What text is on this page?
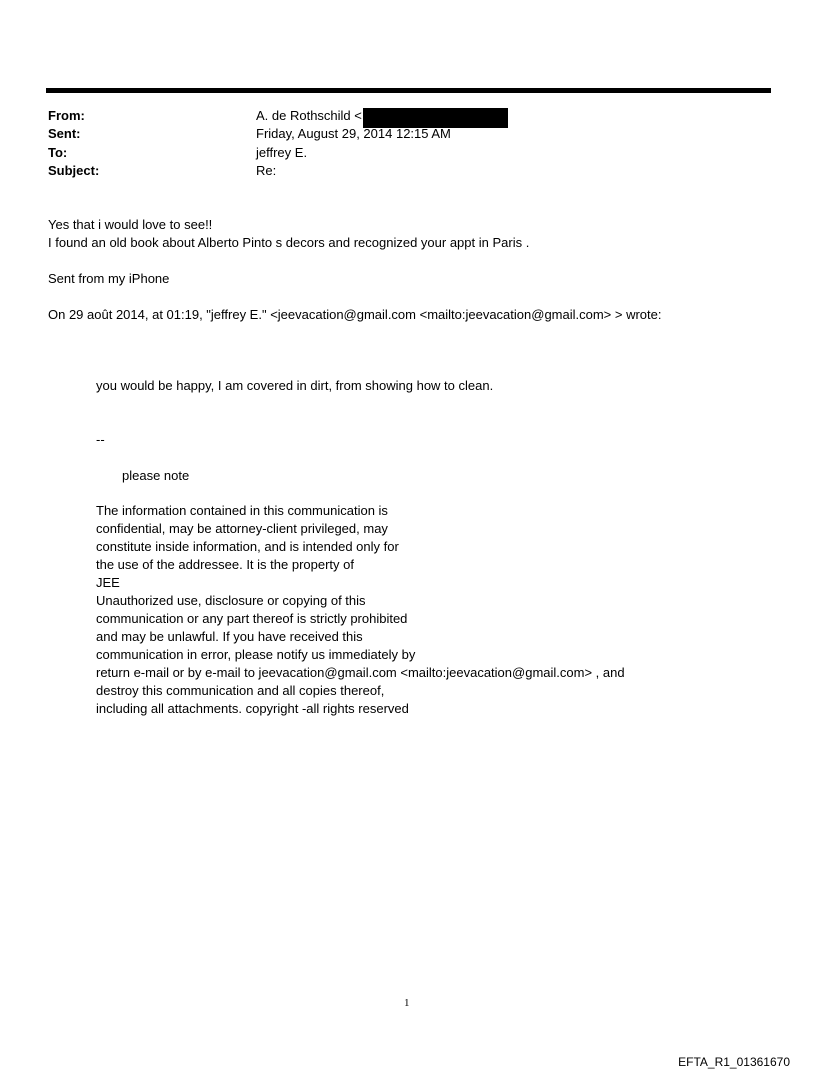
From:	A. de Rothschild <
Sent:	Friday, August 29, 2014 12:15 AM
To:	jeffrey E.
Subject:	Re:
Yes that i would love to see!!
I found an old book about Alberto Pinto s decors and recognized your appt in Paris .
Sent from my iPhone
On 29 août 2014, at 01:19, "jeffrey E." <jeevacation@gmail.com <mailto:jeevacation@gmail.com> > wrote:
you would be happy, I am covered in dirt, from showing how to clean.
--
please note
The information contained in this communication is
confidential, may be attorney-client privileged, may
constitute inside information, and is intended only for
the use of the addressee. It is the property of
JEE
Unauthorized use, disclosure or copying of this
communication or any part thereof is strictly prohibited
and may be unlawful. If you have received this
communication in error, please notify us immediately by
return e-mail or by e-mail to jeevacation@gmail.com <mailto:jeevacation@gmail.com> , and
destroy this communication and all copies thereof,
including all attachments. copyright -all rights reserved
1
EFTA_R1_01361670
